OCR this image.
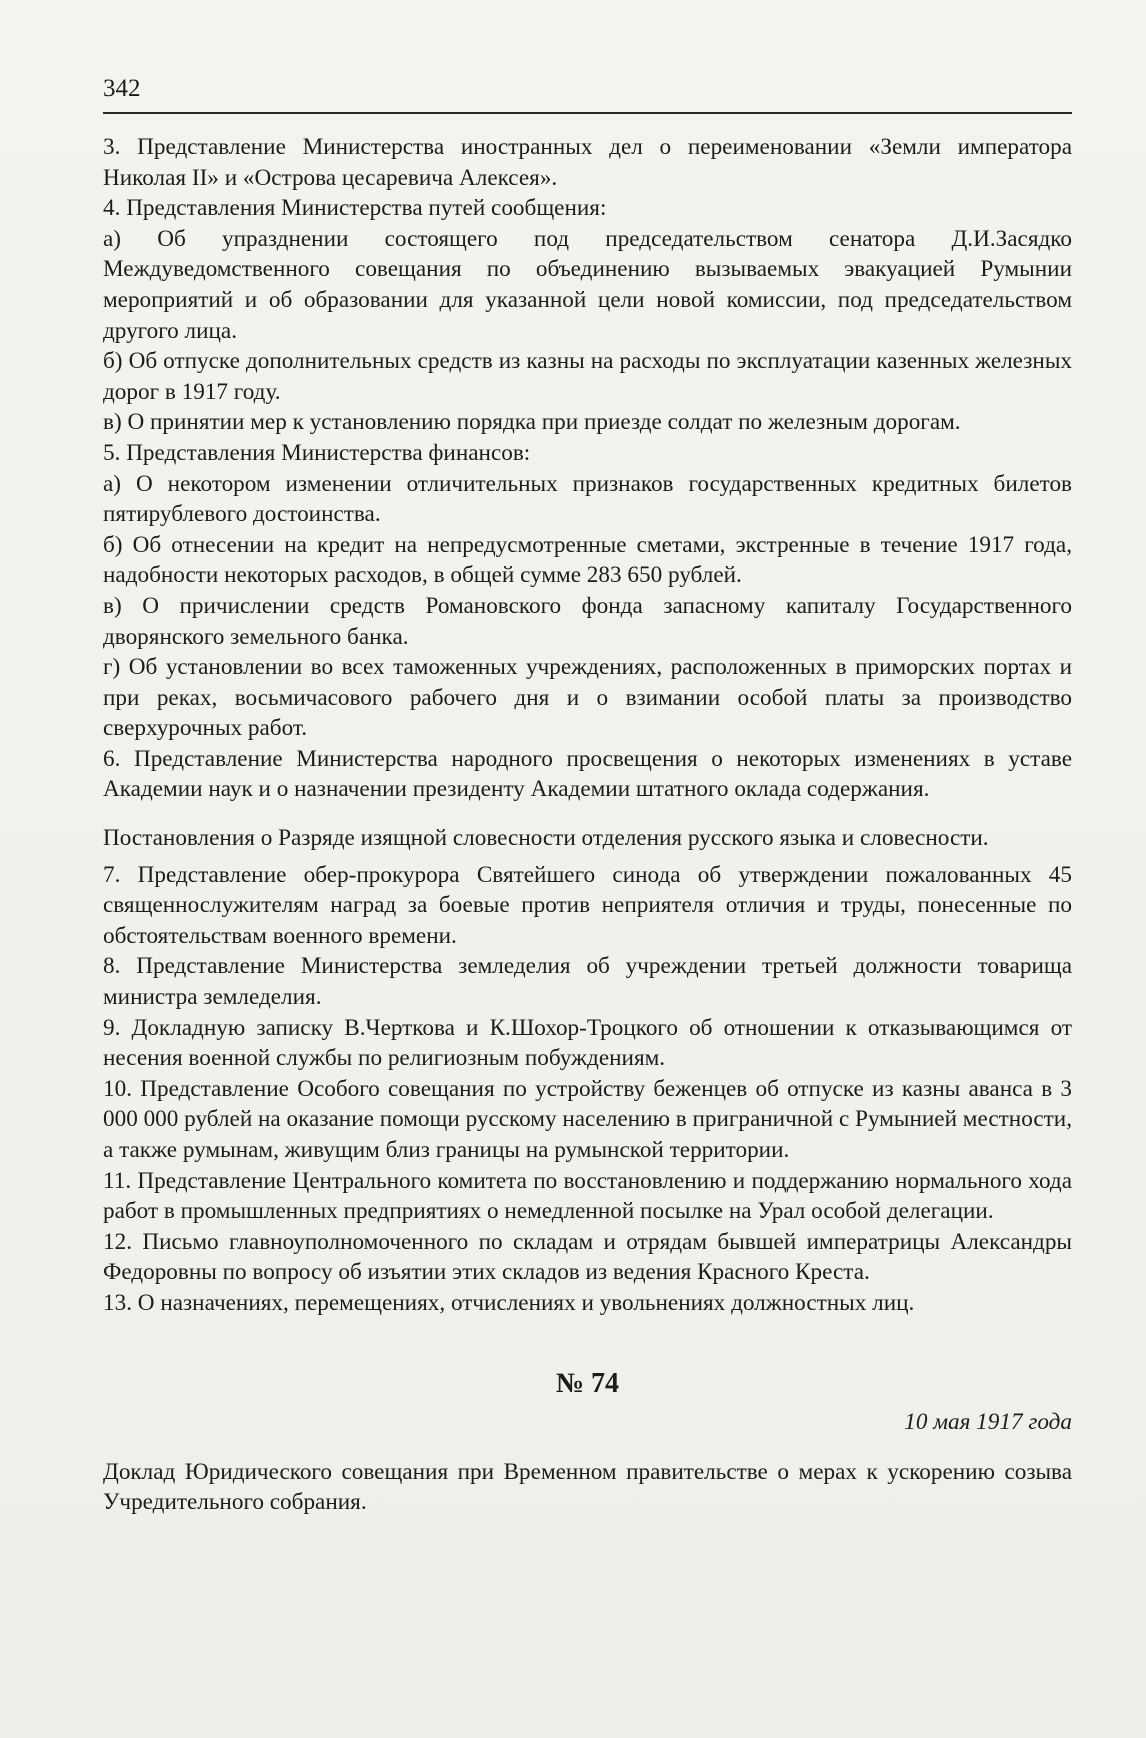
342

3. Представление Министерства иностранных дел о переименовании «Земли императора Николая II» и «Острова цесаревича Алексея».

4. Представления Министерства путей сообщения:

а) Об упразднении состоящего под председательством сенатора Д.И.Засядко Междуведомственного совещания по объединению вызываемых эвакуацией Румынии мероприятий и об образовании для указанной цели новой комиссии, под председательством другого лица.

б) Об отпуске дополнительных средств из казны на расходы по эксплуатации казенных железных дорог в 1917 году.

в) О принятии мер к установлению порядка при приезде солдат по железным дорогам.

5. Представления Министерства финансов:

а) О некотором изменении отличительных признаков государственных кредитных билетов пятирублевого достоинства.

б) Об отнесении на кредит на непредусмотренные сметами, экстренные в течение 1917 года, надобности некоторых расходов, в общей сумме 283 650 рублей.

в) О причислении средств Романовского фонда запасному капиталу Государственного дворянского земельного банка.

г) Об установлении во всех таможенных учреждениях, расположенных в приморских портах и при реках, восьмичасового рабочего дня и о взимании особой платы за производство сверхурочных работ.

6. Представление Министерства народного просвещения о некоторых изменениях в уставе Академии наук и о назначении президенту Академии штатного оклада содержания.

Постановления о Разряде изящной словесности отделения русского языка и словесности.

7. Представление обер-прокурора Святейшего синода об утверждении пожалованных 45 священнослужителям наград за боевые против неприятеля отличия и труды, понесенные по обстоятельствам военного времени.

8. Представление Министерства земледелия об учреждении третьей должности товарища министра земледелия.

9. Докладную записку В.Черткова и К.Шохор-Троцкого об отношении к отказывающимся от несения военной службы по религиозным побуждениям.

10. Представление Особого совещания по устройству беженцев об отпуске из казны аванса в 3 000 000 рублей на оказание помощи русскому населению в приграничной с Румынией местности, а также румынам, живущим близ границы на румынской территории.

11. Представление Центрального комитета по восстановлению и поддержанию нормального хода работ в промышленных предприятиях о немедленной посылке на Урал особой делегации.

12. Письмо главноуполномоченного по складам и отрядам бывшей императрицы Александры Федоровны по вопросу об изъятии этих складов из ведения Красного Креста.

13. О назначениях, перемещениях, отчислениях и увольнениях должностных лиц.

№ 74
10 мая 1917 года

Доклад Юридического совещания при Временном правительстве о мерах к ускорению созыва Учредительного собрания.
